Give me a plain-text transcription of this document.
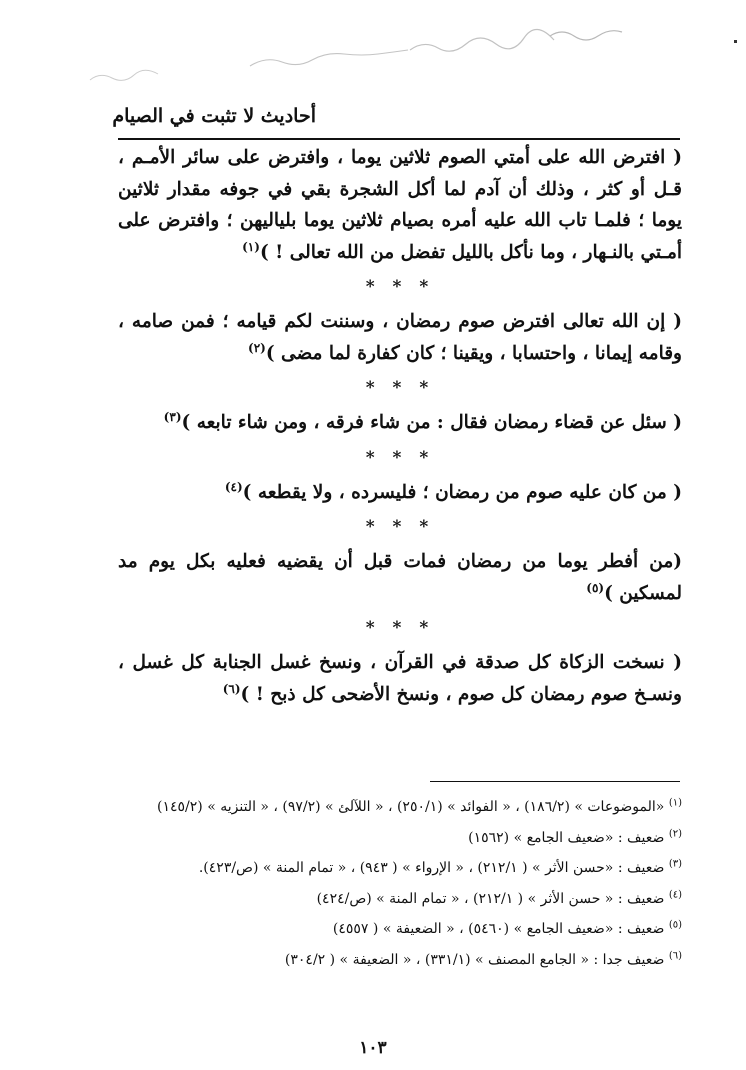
أحاديث لا تثبت في الصيام

( افترض الله على أمتي الصوم ثلاثين يوما ، وافترض على سائر الأمـم ، قـل أو كثر ، وذلك أن آدم لما أكل الشجرة بقي في جوفه مقدار ثلاثين يوما ؛ فلمـا تاب الله عليه أمره بصيام ثلاثين يوما بلياليهن ؛ وافترض على أمـتي بالنـهار ، وما نأكل بالليل تفضل من الله تعالى ! )$^{(١)}$

* * *

( إن الله تعالى افترض صوم رمضان ، وسننت لكم قيامه ؛ فمن صامه ، وقامه إيمانا ، واحتسابا ، ويقينا ؛ كان كفارة لما مضى )$^{(٢)}$

* * *

( سئل عن قضاء رمضان فقال : من شاء فرقه ، ومن شاء تابعه )$^{(٣)}$

* * *

( من كان عليه صوم من رمضان ؛ فليسرده ، ولا يقطعه )$^{(٤)}$

* * *

(من أفطر يوما من رمضان فمات قبل أن يقضيه فعليه بكل يوم مد لمسكين )$^{(٥)}$

* * *

( نسخت الزكاة كل صدقة في القرآن ، ونسخ غسل الجنابة كل غسل ، ونسـخ صوم رمضان كل صوم ، ونسخ الأضحى كل ذبح ! )$^{(٦)}$

$^{(١)}$ «الموضوعات » (١٨٦/٢) ، « الفوائد » (٢٥٠/١) ، « اللآلئ » (٩٧/٢) ، « التنزيه » (١٤٥/٢)

$^{(٢)}$ ضعيف : «ضعيف الجامع » (١٥٦٢)

$^{(٣)}$ ضعيف : «حسن الأثر » ( ٢١٢/١) ، « الإرواء » ( ٩٤٣) ، « تمام المنة » (ص/٤٢٣).

$^{(٤)}$ ضعيف : « حسن الأثر » ( ٢١٢/١) ، « تمام المنة » (ص/٤٢٤)

$^{(٥)}$ ضعيف : «ضعيف الجامع » (٥٤٦٠) ، « الضعيفة » ( ٤٥٥٧)

$^{(٦)}$ ضعيف جدا : « الجامع المصنف » (٣٣١/١) ، « الضعيفة » ( ٣٠٤/٢)

١٠٣
